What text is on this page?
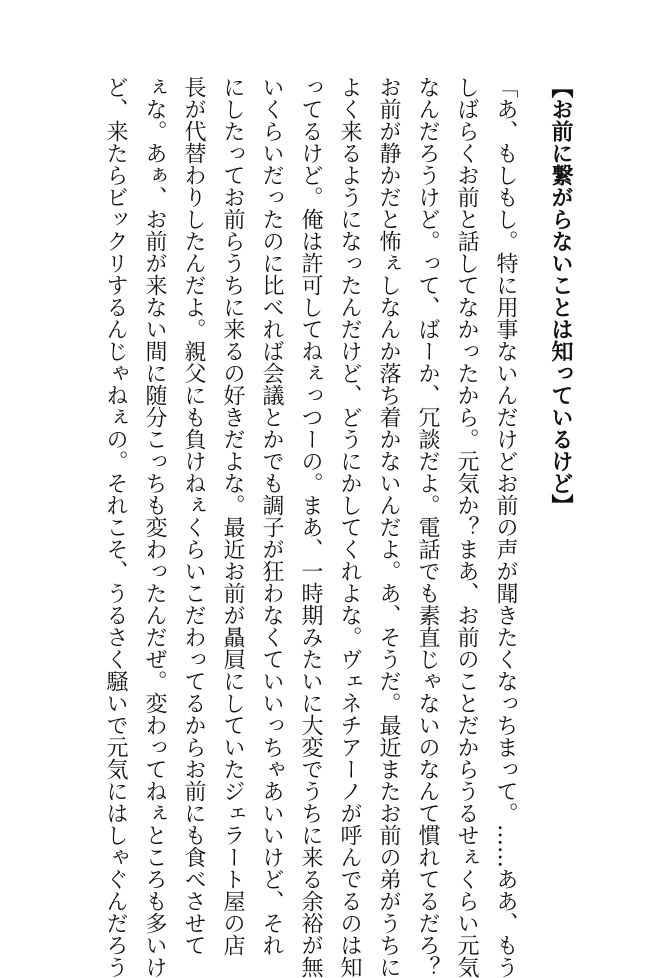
【お前に繋がらないことは知っているけど】
「あ、もしもし。特に用事ないんだけどお前の声が聞きたくなっちまって。……ああ、もう
しばらくお前と話してなかったから。元気か？まあ、お前のことだからうるせぇくらい元気
なんだろうけど。って、ばーか、冗談だよ。電話でも素直じゃないのなんて慣れてるだろ？
お前が静かだと怖ぇしなんか落ち着かないんだよ。あ、そうだ。最近またお前の弟がうちに
よく来るようになったんだけど、どうにかしてくれよな。ヴェネチアーノが呼んでるのは知
ってるけど。俺は許可してねぇっつーの。まあ、一時期みたいに大変でうちに来る余裕が無
いくらいだったのに比べれば会議とかでも調子が狂わなくていいっちゃあいいけど、それ
にしたってお前らうちに来るの好きだよな。最近お前が贔屓にしていたジェラート屋の店
長が代替わりしたんだよ。親父にも負けねぇくらいこだわってるからお前にも食べさせて
ぇな。あぁ、お前が来ない間に随分こっちも変わったんだぜ。変わってねぇところも多いけ
ど、来たらビックリするんじゃねぇの。それこそ、うるさく騒いで元気にはしゃぐんだろう
